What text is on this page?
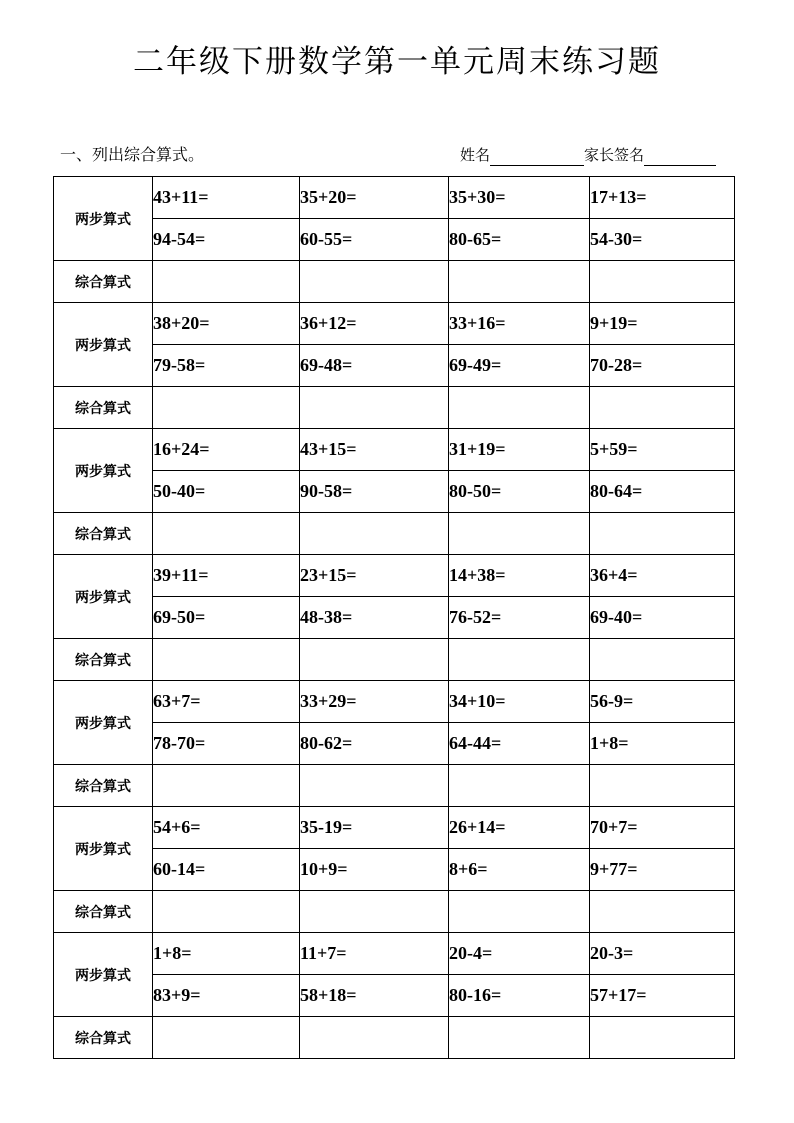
二年级下册数学第一单元周末练习题
一、列出综合算式。	姓名	家长签名
两步算式	43+11=	35+20=	35+30=	17+13=
	94-54=	60-55=	80-65=	54-30=
综合算式				
两步算式	38+20=	36+12=	33+16=	9+19=
	79-58=	69-48=	69-49=	70-28=
综合算式				
两步算式	16+24=	43+15=	31+19=	5+59=
	50-40=	90-58=	80-50=	80-64=
综合算式				
两步算式	39+11=	23+15=	14+38=	36+4=
	69-50=	48-38=	76-52=	69-40=
综合算式				
两步算式	63+7=	33+29=	34+10=	56-9=
	78-70=	80-62=	64-44=	1+8=
综合算式				
两步算式	54+6=	35-19=	26+14=	70+7=
	60-14=	10+9=	8+6=	9+77=
综合算式				
两步算式	1+8=	11+7=	20-4=	20-3=
	83+9=	58+18=	80-16=	57+17=
综合算式				
